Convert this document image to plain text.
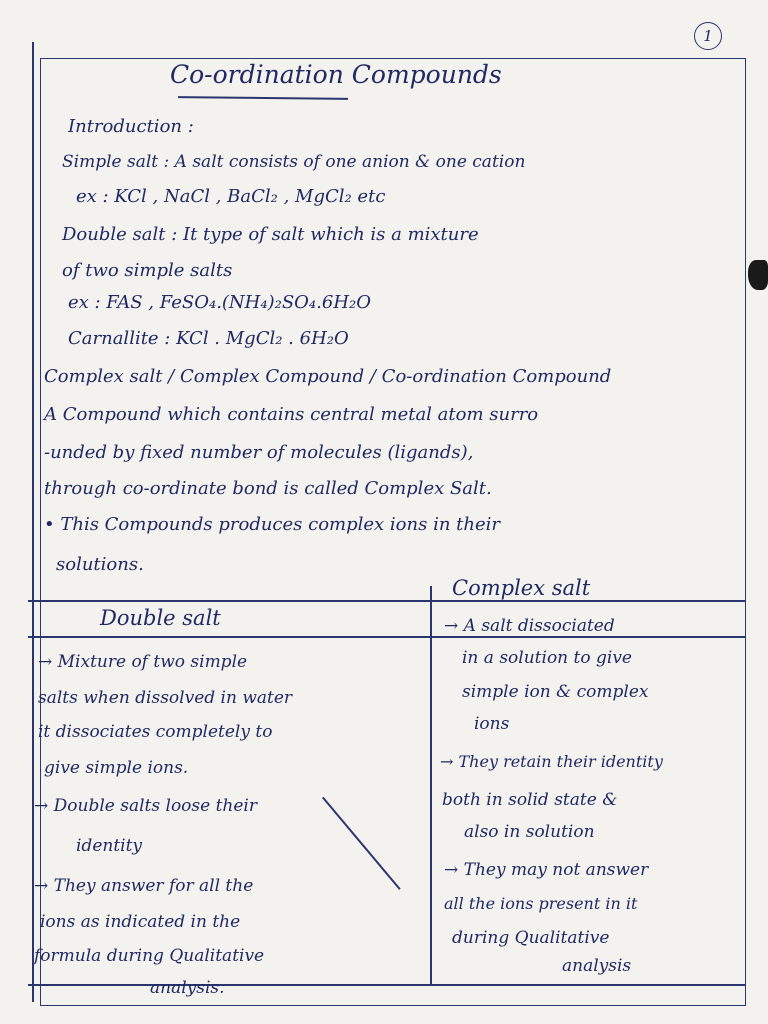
1
Co-ordination Compounds
Introduction :
Simple salt : A salt consists of one anion & one cation
ex : KCl , NaCl , BaCl₂ , MgCl₂ etc
Double salt : It type of salt which is a mixture
of two simple salts
ex : FAS , FeSO₄.(NH₄)₂SO₄.6H₂O
Carnallite : KCl . MgCl₂ . 6H₂O
Complex salt / Complex Compound / Co-ordination Compound
A Compound which contains central metal atom surro
-unded by fixed number of molecules (ligands),
through co-ordinate bond is called Complex Salt.
• This Compounds produces complex ions in their
solutions.
Double salt
Complex salt
→ Mixture of two simple
salts when dissolved in water
it dissociates completely to
give simple ions.
→ Double salts loose their
identity
→ They answer for all the
ions as indicated in the
formula during Qualitative
analysis.
→ A salt dissociated
in a solution to give
simple ion & complex
ions
→ They retain their identity
both in solid state &
also in solution
→ They may not answer
all the ions present in it
during Qualitative
analysis
